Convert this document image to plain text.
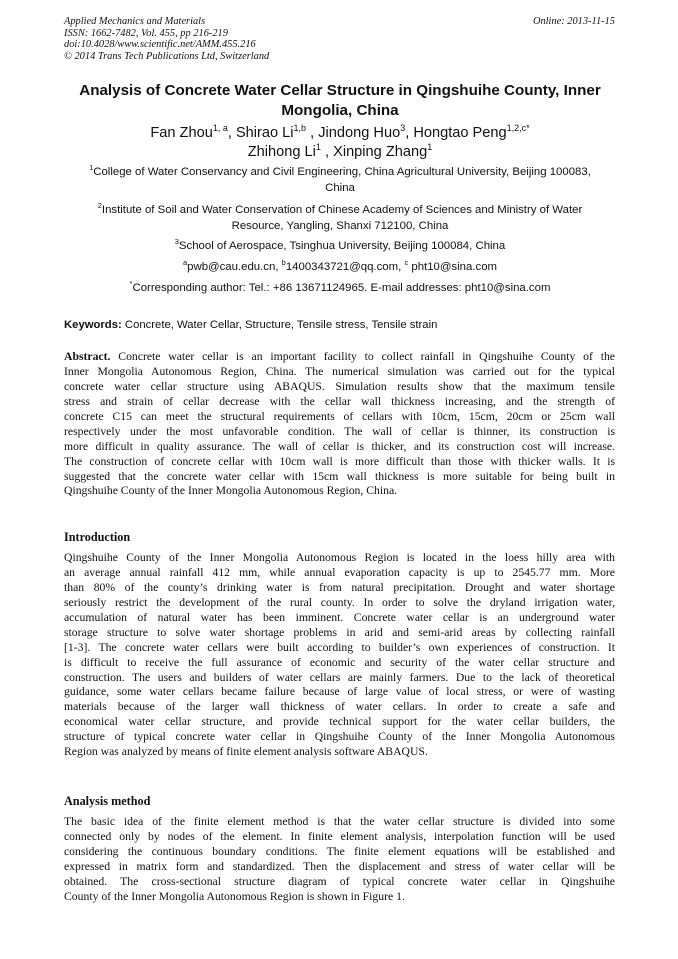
Applied Mechanics and Materials
ISSN: 1662-7482, Vol. 455, pp 216-219
doi:10.4028/www.scientific.net/AMM.455.216
© 2014 Trans Tech Publications Ltd, Switzerland
Online: 2013-11-15
Analysis of Concrete Water Cellar Structure in Qingshuihe County, Inner
Mongolia, China
Fan Zhou$^{1, a}$, Shirao Li$^{1,b}$ , Jindong Huo$^3$, Hongtao Peng$^{1,2,c*}$
Zhihong Li$^1$ , Xinping Zhang$^1$
$^1$College of Water Conservancy and Civil Engineering, China Agricultural University, Beijing 100083,
China
$^2$Institute of Soil and Water Conservation of Chinese Academy of Sciences and Ministry of Water
Resource, Yangling, Shanxi 712100, China
$^3$School of Aerospace, Tsinghua University, Beijing 100084, China
$^a$pwb@cau.edu.cn, $^b$1400343721@qq.com, $^c$ pht10@sina.com
*Corresponding author: Tel.: +86 13671124965. E-mail addresses: pht10@sina.com
Keywords: Concrete, Water Cellar, Structure, Tensile stress, Tensile strain
Abstract. Concrete water cellar is an important facility to collect rainfall in Qingshuihe County of the
Inner Mongolia Autonomous Region, China. The numerical simulation was carried out for the typical
concrete water cellar structure using ABAQUS. Simulation results show that the maximum tensile
stress and strain of cellar decrease with the cellar wall thickness increasing, and the strength of
concrete C15 can meet the structural requirements of cellars with 10cm, 15cm, 20cm or 25cm wall
respectively under the most unfavorable condition. The wall of cellar is thinner, its construction is
more difficult in quality assurance. The wall of cellar is thicker, and its construction cost will increase.
The construction of concrete cellar with 10cm wall is more difficult than those with thicker walls. It is
suggested that the concrete water cellar with 15cm wall thickness is more suitable for being built in
Qingshuihe County of the Inner Mongolia Autonomous Region, China.
Introduction
Qingshuihe County of the Inner Mongolia Autonomous Region is located in the loess hilly area with
an average annual rainfall 412 mm, while annual evaporation capacity is up to 2545.77 mm. More
than 80% of the county’s drinking water is from natural precipitation. Drought and water shortage
seriously restrict the development of the rural county. In order to solve the dryland irrigation water,
accumulation of natural water has been imminent. Concrete water cellar is an underground water
storage structure to solve water shortage problems in arid and semi-arid areas by collecting rainfall
[1-3]. The concrete water cellars were built according to builder’s own experiences of construction. It
is difficult to receive the full assurance of economic and security of the water cellar structure and
construction. The users and builders of water cellars are mainly farmers. Due to the lack of theoretical
guidance, some water cellars became failure because of large value of local stress, or were of wasting
materials because of the larger wall thickness of water cellars. In order to create a safe and
economical water cellar structure, and provide technical support for the water cellar builders, the
structure of typical concrete water cellar in Qingshuihe County of the Inner Mongolia Autonomous
Region was analyzed by means of finite element analysis software ABAQUS.
Analysis method
The basic idea of the finite element method is that the water cellar structure is divided into some
connected only by nodes of the element. In finite element analysis, interpolation function will be used
considering the continuous boundary conditions. The finite element equations will be established and
expressed in matrix form and standardized. Then the displacement and stress of water cellar will be
obtained. The cross-sectional structure diagram of typical concrete water cellar in Qingshuihe
County of the Inner Mongolia Autonomous Region is shown in Figure 1.
